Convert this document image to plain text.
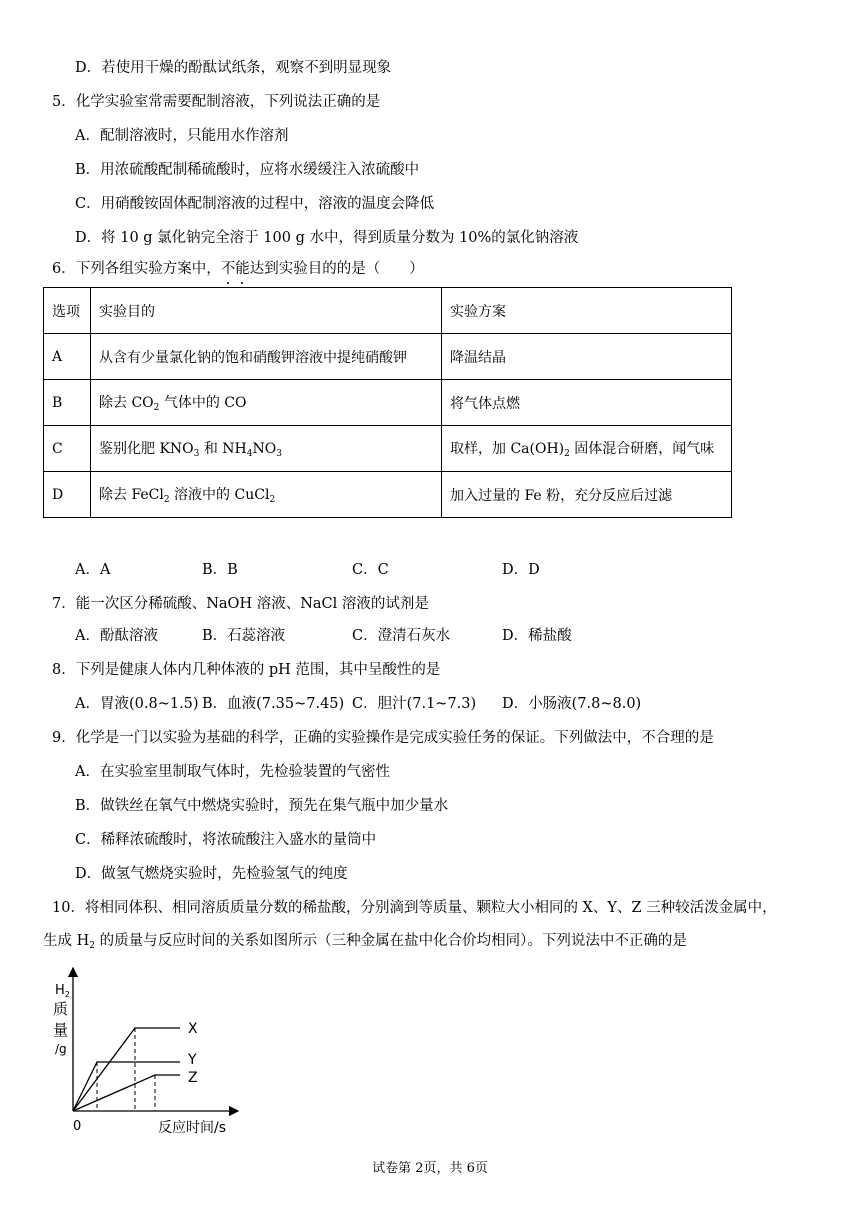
D．若使用干燥的酚酞试纸条，观察不到明显现象
5．化学实验室常需要配制溶液，下列说法正确的是
A．配制溶液时，只能用水作溶剂
B．用浓硫酸配制稀硫酸时，应将水缓缓注入浓硫酸中
C．用硝酸铵固体配制溶液的过程中，溶液的温度会降低
D．将 10 g 氯化钠完全溶于 100 g 水中，得到质量分数为 10%的氯化钠溶液
6．下列各组实验方案中，不能达到实验目的的是（　　）
选项	实验目的	实验方案
A	从含有少量氯化钠的饱和硝酸钾溶液中提纯硝酸钾	降温结晶
B	除去 $CO_2$ 气体中的 CO	将气体点燃
C	鉴别化肥 $KNO_3$ 和 $NH_4NO_3$	取样，加 $Ca(OH)_2$ 固体混合研磨，闻气味
D	除去 FeCl$_2$ 溶液中的 CuCl$_2$	加入过量的 Fe 粉，充分反应后过滤
A．A	B．B	C．C	D．D
7．能一次区分稀硫酸、NaOH 溶液、NaCl 溶液的试剂是
A．酚酞溶液	B．石蕊溶液	C．澄清石灰水	D．稀盐酸
8．下列是健康人体内几种体液的 pH 范围，其中呈酸性的是
A．胃液(0.8~1.5) B．血液(7.35~7.45) C．胆汁(7.1~7.3) D．小肠液(7.8~8.0)
9．化学是一门以实验为基础的科学，正确的实验操作是完成实验任务的保证。下列做法中，不合理的是
A．在实验室里制取气体时，先检验装置的气密性
B．做铁丝在氧气中燃烧实验时，预先在集气瓶中加少量水
C．稀释浓硫酸时，将浓硫酸注入盛水的量筒中
D．做氢气燃烧实验时，先检验氢气的纯度
10．将相同体积、相同溶质质量分数的稀盐酸，分别滴到等质量、颗粒大小相同的 X、Y、Z 三种较活泼金属中，
生成 $H_2$ 的质量与反应时间的关系如图所示（三种金属在盐中化合价均相同）。下列说法中不正确的是
$H_2$
质
量
/g
X
Y
Z
0	反应时间/s
试卷第 2页，共 6页
